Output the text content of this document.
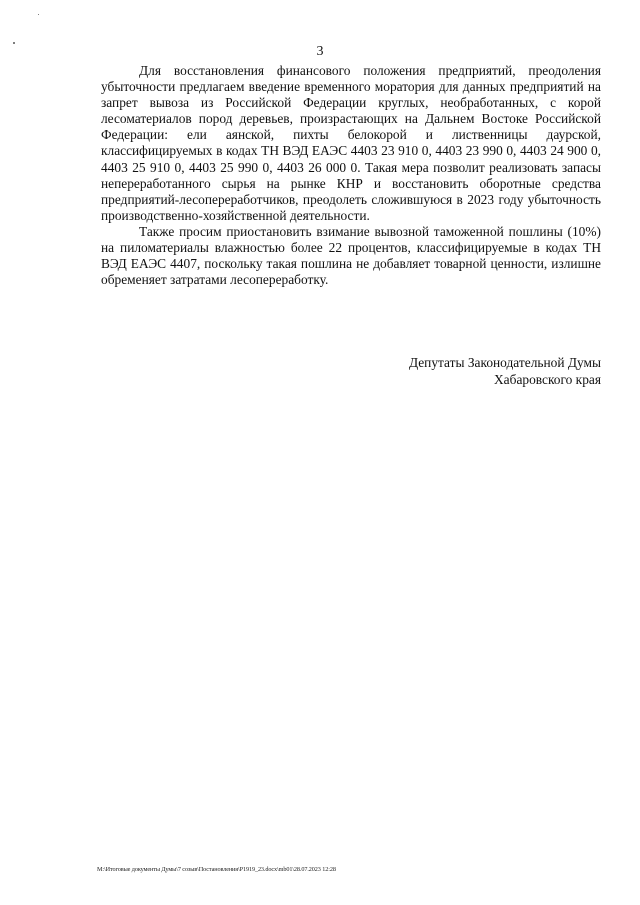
3

Для восстановления финансового положения предприятий, преодоления убыточности предлагаем введение временного моратория для данных предприятий на запрет вывоза из Российской Федерации круглых, необработанных, с корой лесоматериалов пород деревьев, произрастающих на Дальнем Востоке Российской Федерации: ели аянской, пихты белокорой и лиственницы даурской, классифицируемых в кодах ТН ВЭД ЕАЭС 4403 23 910 0, 4403 23 990 0, 4403 24 900 0, 4403 25 910 0, 4403 25 990 0, 4403 26 000 0. Такая мера позволит реализовать запасы непереработанного сырья на рынке КНР и восстановить оборотные средства предприятий-лесопереработчиков, преодолеть сложившуюся в 2023 году убыточность производственно-хозяйственной деятельности.

Также просим приостановить взимание вывозной таможенной пошлины (10%) на пиломатериалы влажностью более 22 процентов, классифицируемые в кодах ТН ВЭД ЕАЭС 4407, поскольку такая пошлина не добавляет товарной ценности, излишне обременяет затратами лесопереработку.

Депутаты Законодательной Думы
Хабаровского края
M:\Итоговые документы Думы\7 созыв\Постановления\P1919_23.docx\mb01\28.07.2023 12:28
